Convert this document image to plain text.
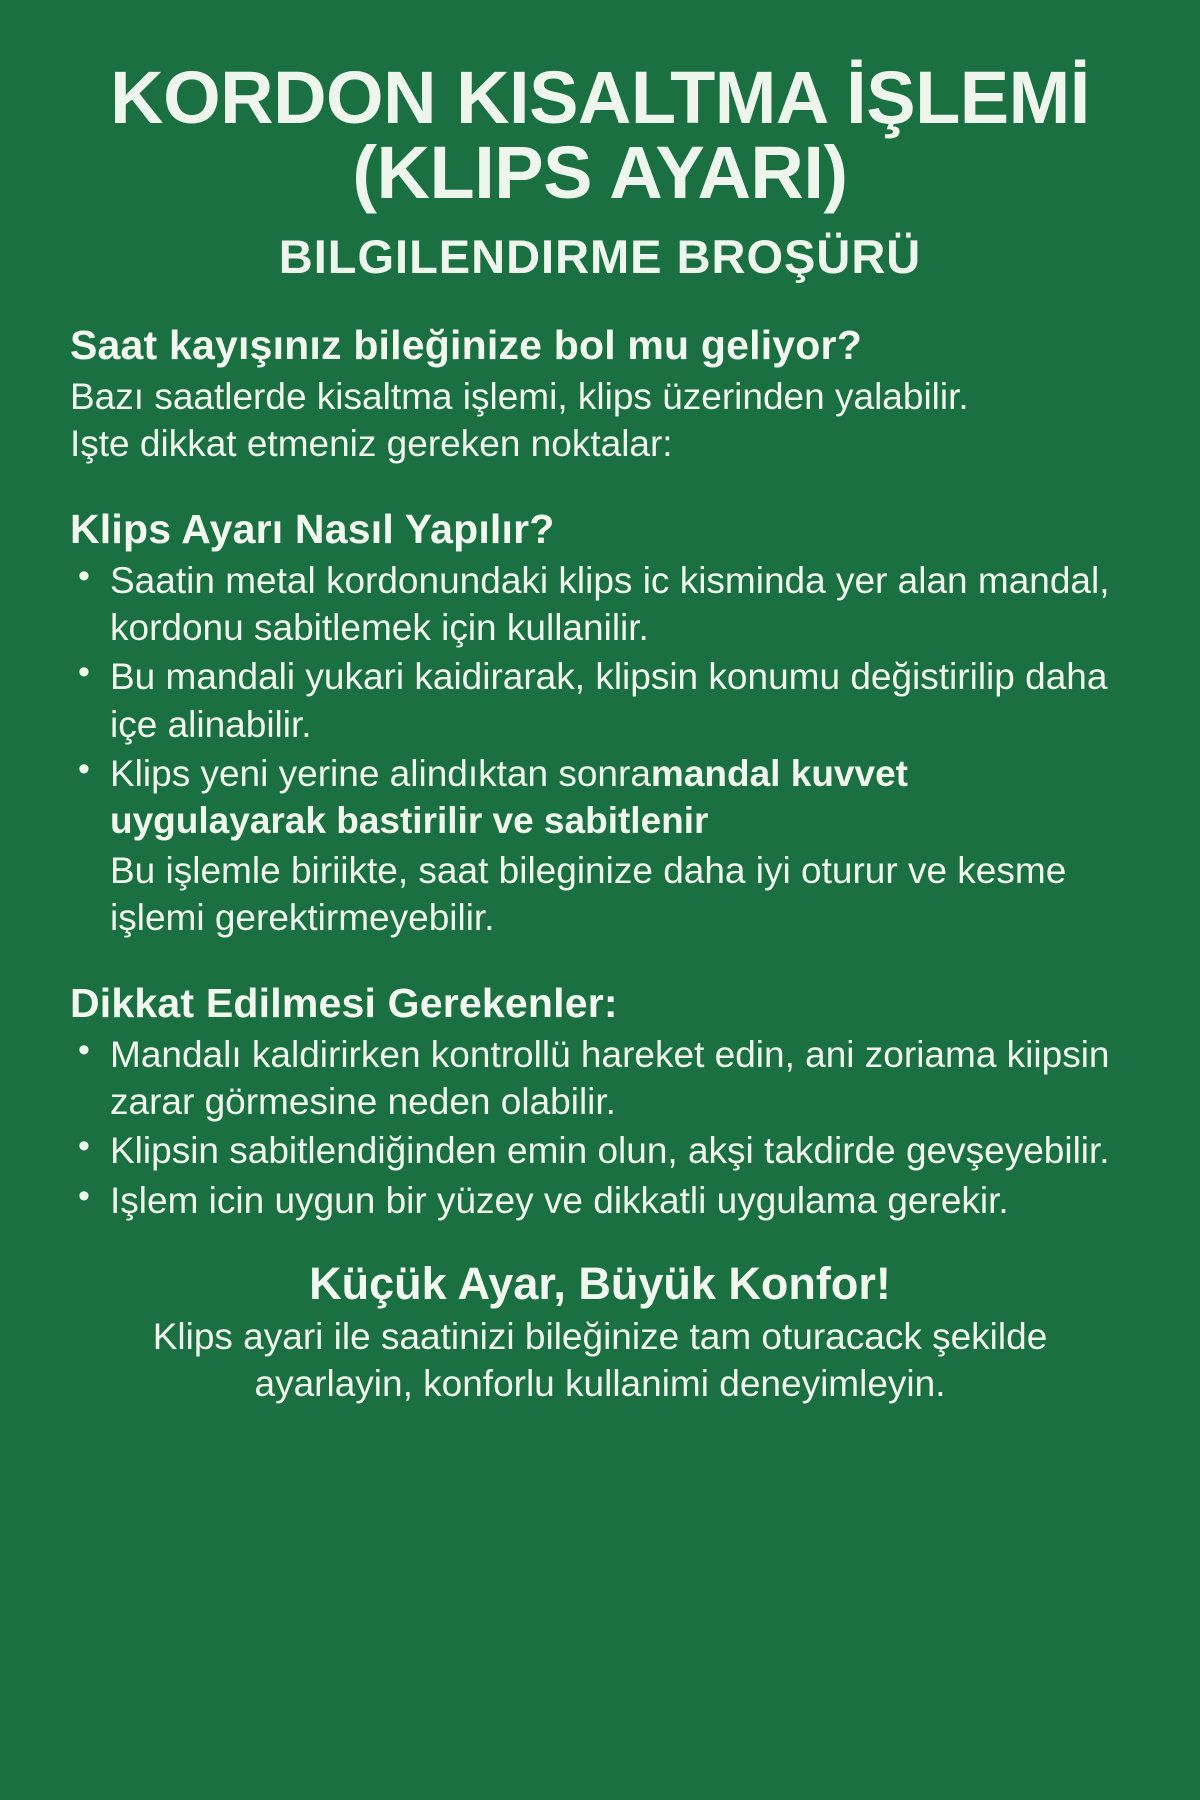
KORDON KISALTMA İŞLEMİ
(KLIPS AYARI)
BILGILENDIRME BROŞÜRÜ
Saat kayışınız bileğinize bol mu geliyor?

Bazı saatlerde kisaltma işlemi, klips üzerinden yalabilir.

Işte dikkat etmeniz gereken noktalar:

Klips Ayarı Nasıl Yapılır?
• Saatin metal kordonundaki klips ic kisminda yer alan mandal, kordonu sabitlemek için kullanilir.
• Bu mandali yukari kaidirarak, klipsin konumu değistirilip daha içe alinabilir.
• Klips yeni yerine alindıktan sonramandal kuvvet uygulayarak bastirilir ve sabitlenir
Bu işlemle biriikte, saat bileginize daha iyi oturur ve kesme işlemi gerektirmeyebilir.
Dikkat Edilmesi Gerekenler:
• Mandalı kaldirirken kontrollü hareket edin, ani zoriama kiipsin zarar görmesine neden olabilir.
• Klipsin sabitlendiğinden emin olun, akşi takdirde gevşeyebilir.
• Işlem icin uygun bir yüzey ve dikkatli uygulama gerekir.
Küçük Ayar, Büyük Konfor!

Klips ayari ile saatinizi bileğinize tam oturacack şekilde

ayarlayin, konforlu kullanimi deneyimleyin.
